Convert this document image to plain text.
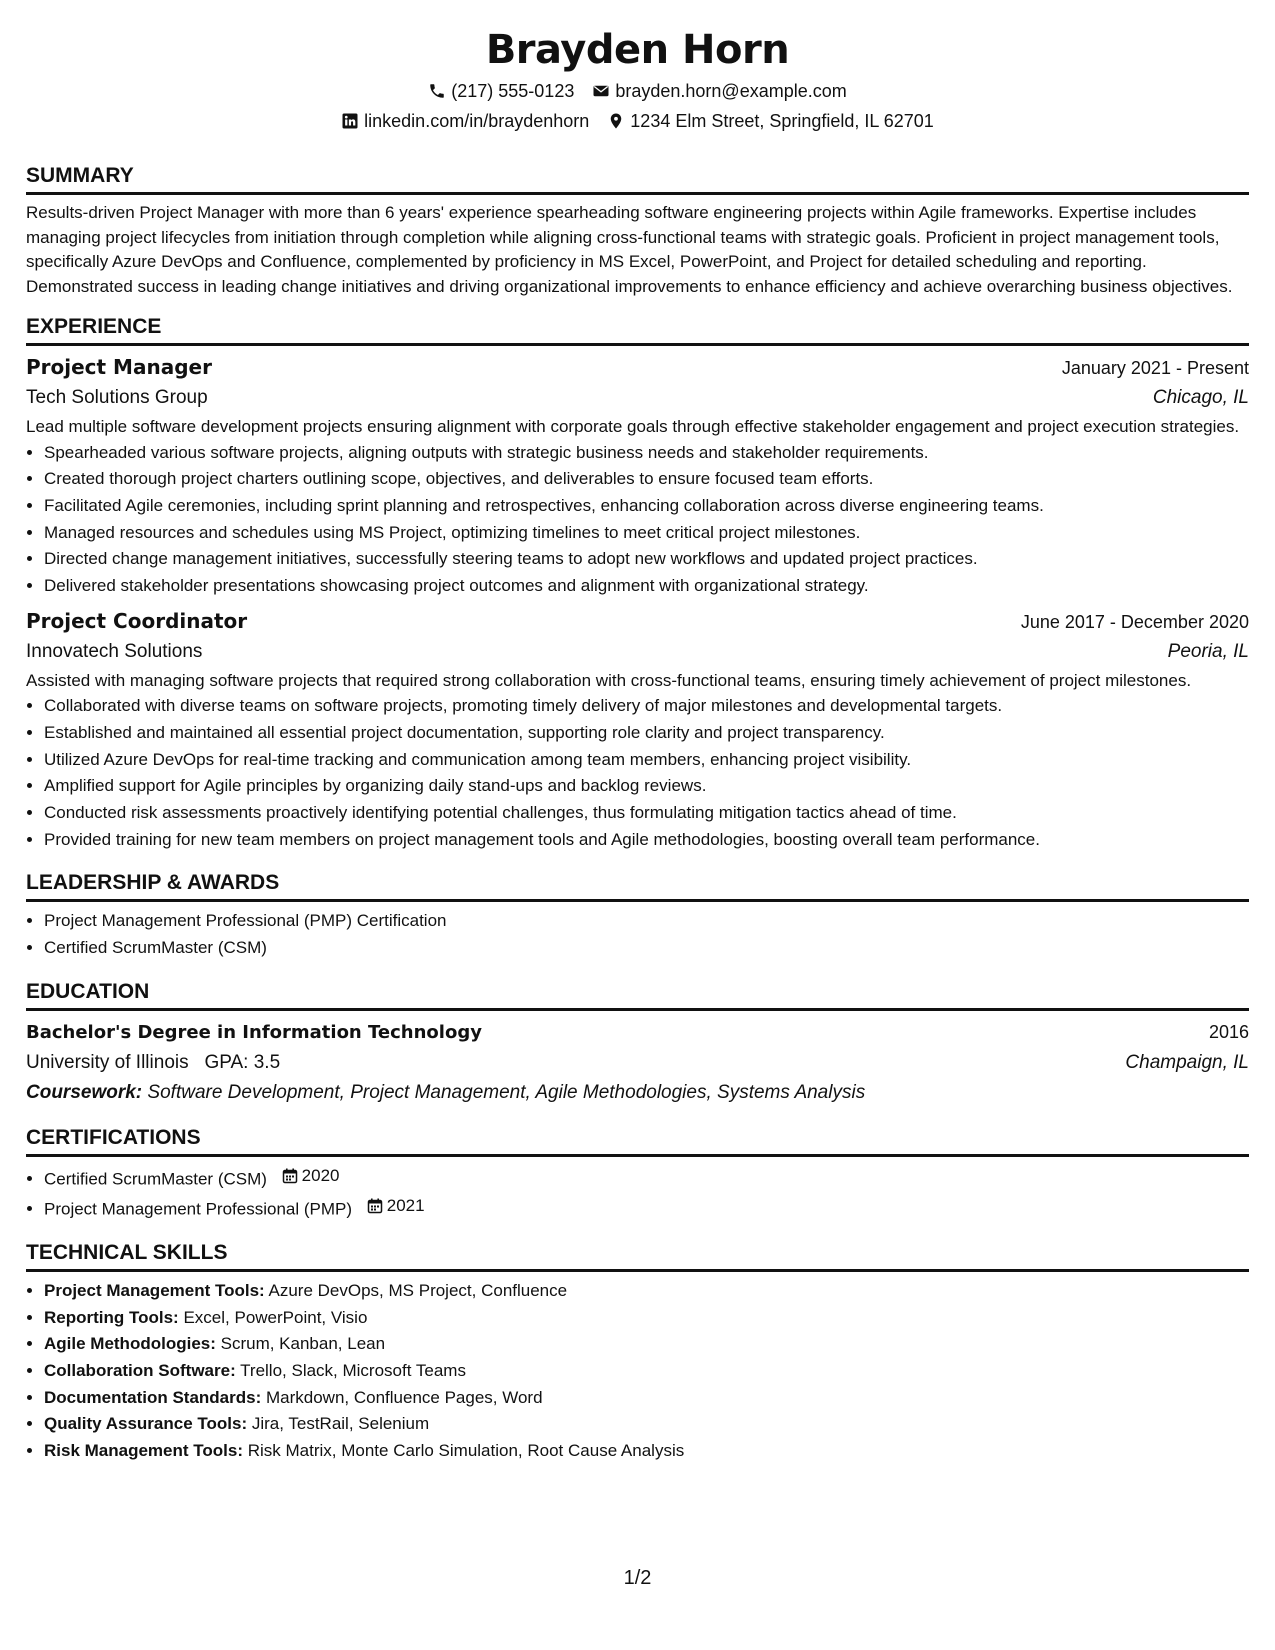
Brayden Horn
(217) 555-0123 brayden.horn@example.com
linkedin.com/in/braydenhorn 1234 Elm Street, Springfield, IL 62701
SUMMARY
Results-driven Project Manager with more than 6 years' experience spearheading software engineering projects within Agile frameworks. Expertise includes managing project lifecycles from initiation through completion while aligning cross-functional teams with strategic goals. Proficient in project management tools, specifically Azure DevOps and Confluence, complemented by proficiency in MS Excel, PowerPoint, and Project for detailed scheduling and reporting. Demonstrated success in leading change initiatives and driving organizational improvements to enhance efficiency and achieve overarching business objectives.
EXPERIENCE
Project Manager	January 2021 - Present
Tech Solutions Group	Chicago, IL
Lead multiple software development projects ensuring alignment with corporate goals through effective stakeholder engagement and project execution strategies.
• Spearheaded various software projects, aligning outputs with strategic business needs and stakeholder requirements.
• Created thorough project charters outlining scope, objectives, and deliverables to ensure focused team efforts.
• Facilitated Agile ceremonies, including sprint planning and retrospectives, enhancing collaboration across diverse engineering teams.
• Managed resources and schedules using MS Project, optimizing timelines to meet critical project milestones.
• Directed change management initiatives, successfully steering teams to adopt new workflows and updated project practices.
• Delivered stakeholder presentations showcasing project outcomes and alignment with organizational strategy.
Project Coordinator	June 2017 - December 2020
Innovatech Solutions	Peoria, IL
Assisted with managing software projects that required strong collaboration with cross-functional teams, ensuring timely achievement of project milestones.
• Collaborated with diverse teams on software projects, promoting timely delivery of major milestones and developmental targets.
• Established and maintained all essential project documentation, supporting role clarity and project transparency.
• Utilized Azure DevOps for real-time tracking and communication among team members, enhancing project visibility.
• Amplified support for Agile principles by organizing daily stand-ups and backlog reviews.
• Conducted risk assessments proactively identifying potential challenges, thus formulating mitigation tactics ahead of time.
• Provided training for new team members on project management tools and Agile methodologies, boosting overall team performance.
LEADERSHIP & AWARDS
• Project Management Professional (PMP) Certification
• Certified ScrumMaster (CSM)
EDUCATION
Bachelor's Degree in Information Technology	2016
University of Illinois GPA: 3.5	Champaign, IL
Coursework: Software Development, Project Management, Agile Methodologies, Systems Analysis
CERTIFICATIONS
• Certified ScrumMaster (CSM) 2020
• Project Management Professional (PMP) 2021
TECHNICAL SKILLS
• Project Management Tools: Azure DevOps, MS Project, Confluence
• Reporting Tools: Excel, PowerPoint, Visio
• Agile Methodologies: Scrum, Kanban, Lean
• Collaboration Software: Trello, Slack, Microsoft Teams
• Documentation Standards: Markdown, Confluence Pages, Word
• Quality Assurance Tools: Jira, TestRail, Selenium
• Risk Management Tools: Risk Matrix, Monte Carlo Simulation, Root Cause Analysis
1/2
